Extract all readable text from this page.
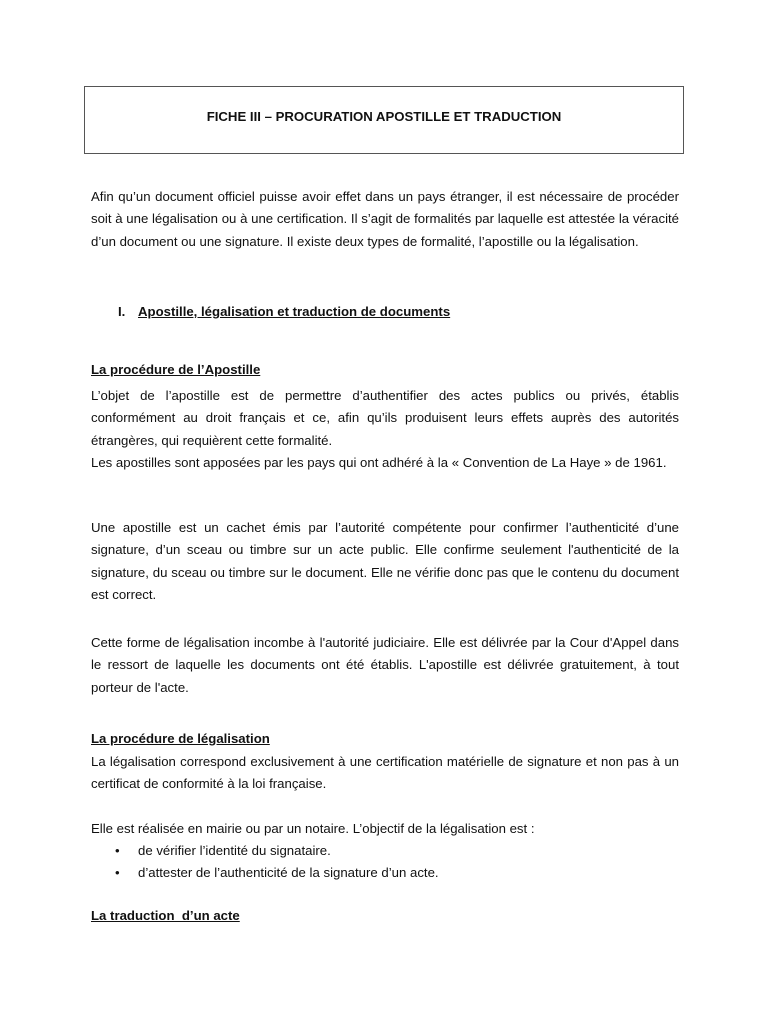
FICHE III – PROCURATION APOSTILLE ET TRADUCTION
Afin qu’un document officiel puisse avoir effet dans un pays étranger, il est nécessaire de procéder soit à une légalisation ou à une certification. Il s’agit de formalités par laquelle est attestée la véracité d’un document ou une signature. Il existe deux types de formalité, l’apostille ou la légalisation.
I. Apostille, légalisation et traduction de documents
La procédure de l’Apostille
L’objet de l’apostille est de permettre d’authentifier des actes publics ou privés, établis conformément au droit français et ce, afin qu’ils produisent leurs effets auprès des autorités étrangères, qui requièrent cette formalité.
Les apostilles sont apposées par les pays qui ont adhéré à la « Convention de La Haye » de 1961.
Une apostille est un cachet émis par l’autorité compétente pour confirmer l’authenticité d’une signature, d’un sceau ou timbre sur un acte public. Elle confirme seulement l'authenticité de la signature, du sceau ou timbre sur le document. Elle ne vérifie donc pas que le contenu du document est correct.
Cette forme de légalisation incombe à l'autorité judiciaire. Elle est délivrée par la Cour d'Appel dans le ressort de laquelle les documents ont été établis. L'apostille est délivrée gratuitement, à tout porteur de l'acte.
La procédure de légalisation
La légalisation correspond exclusivement à une certification matérielle de signature et non pas à un certificat de conformité à la loi française.
Elle est réalisée en mairie ou par un notaire. L’objectif de la légalisation est :
• de vérifier l’identité du signataire.
• d’attester de l’authenticité de la signature d’un acte.
La traduction  d’un acte
